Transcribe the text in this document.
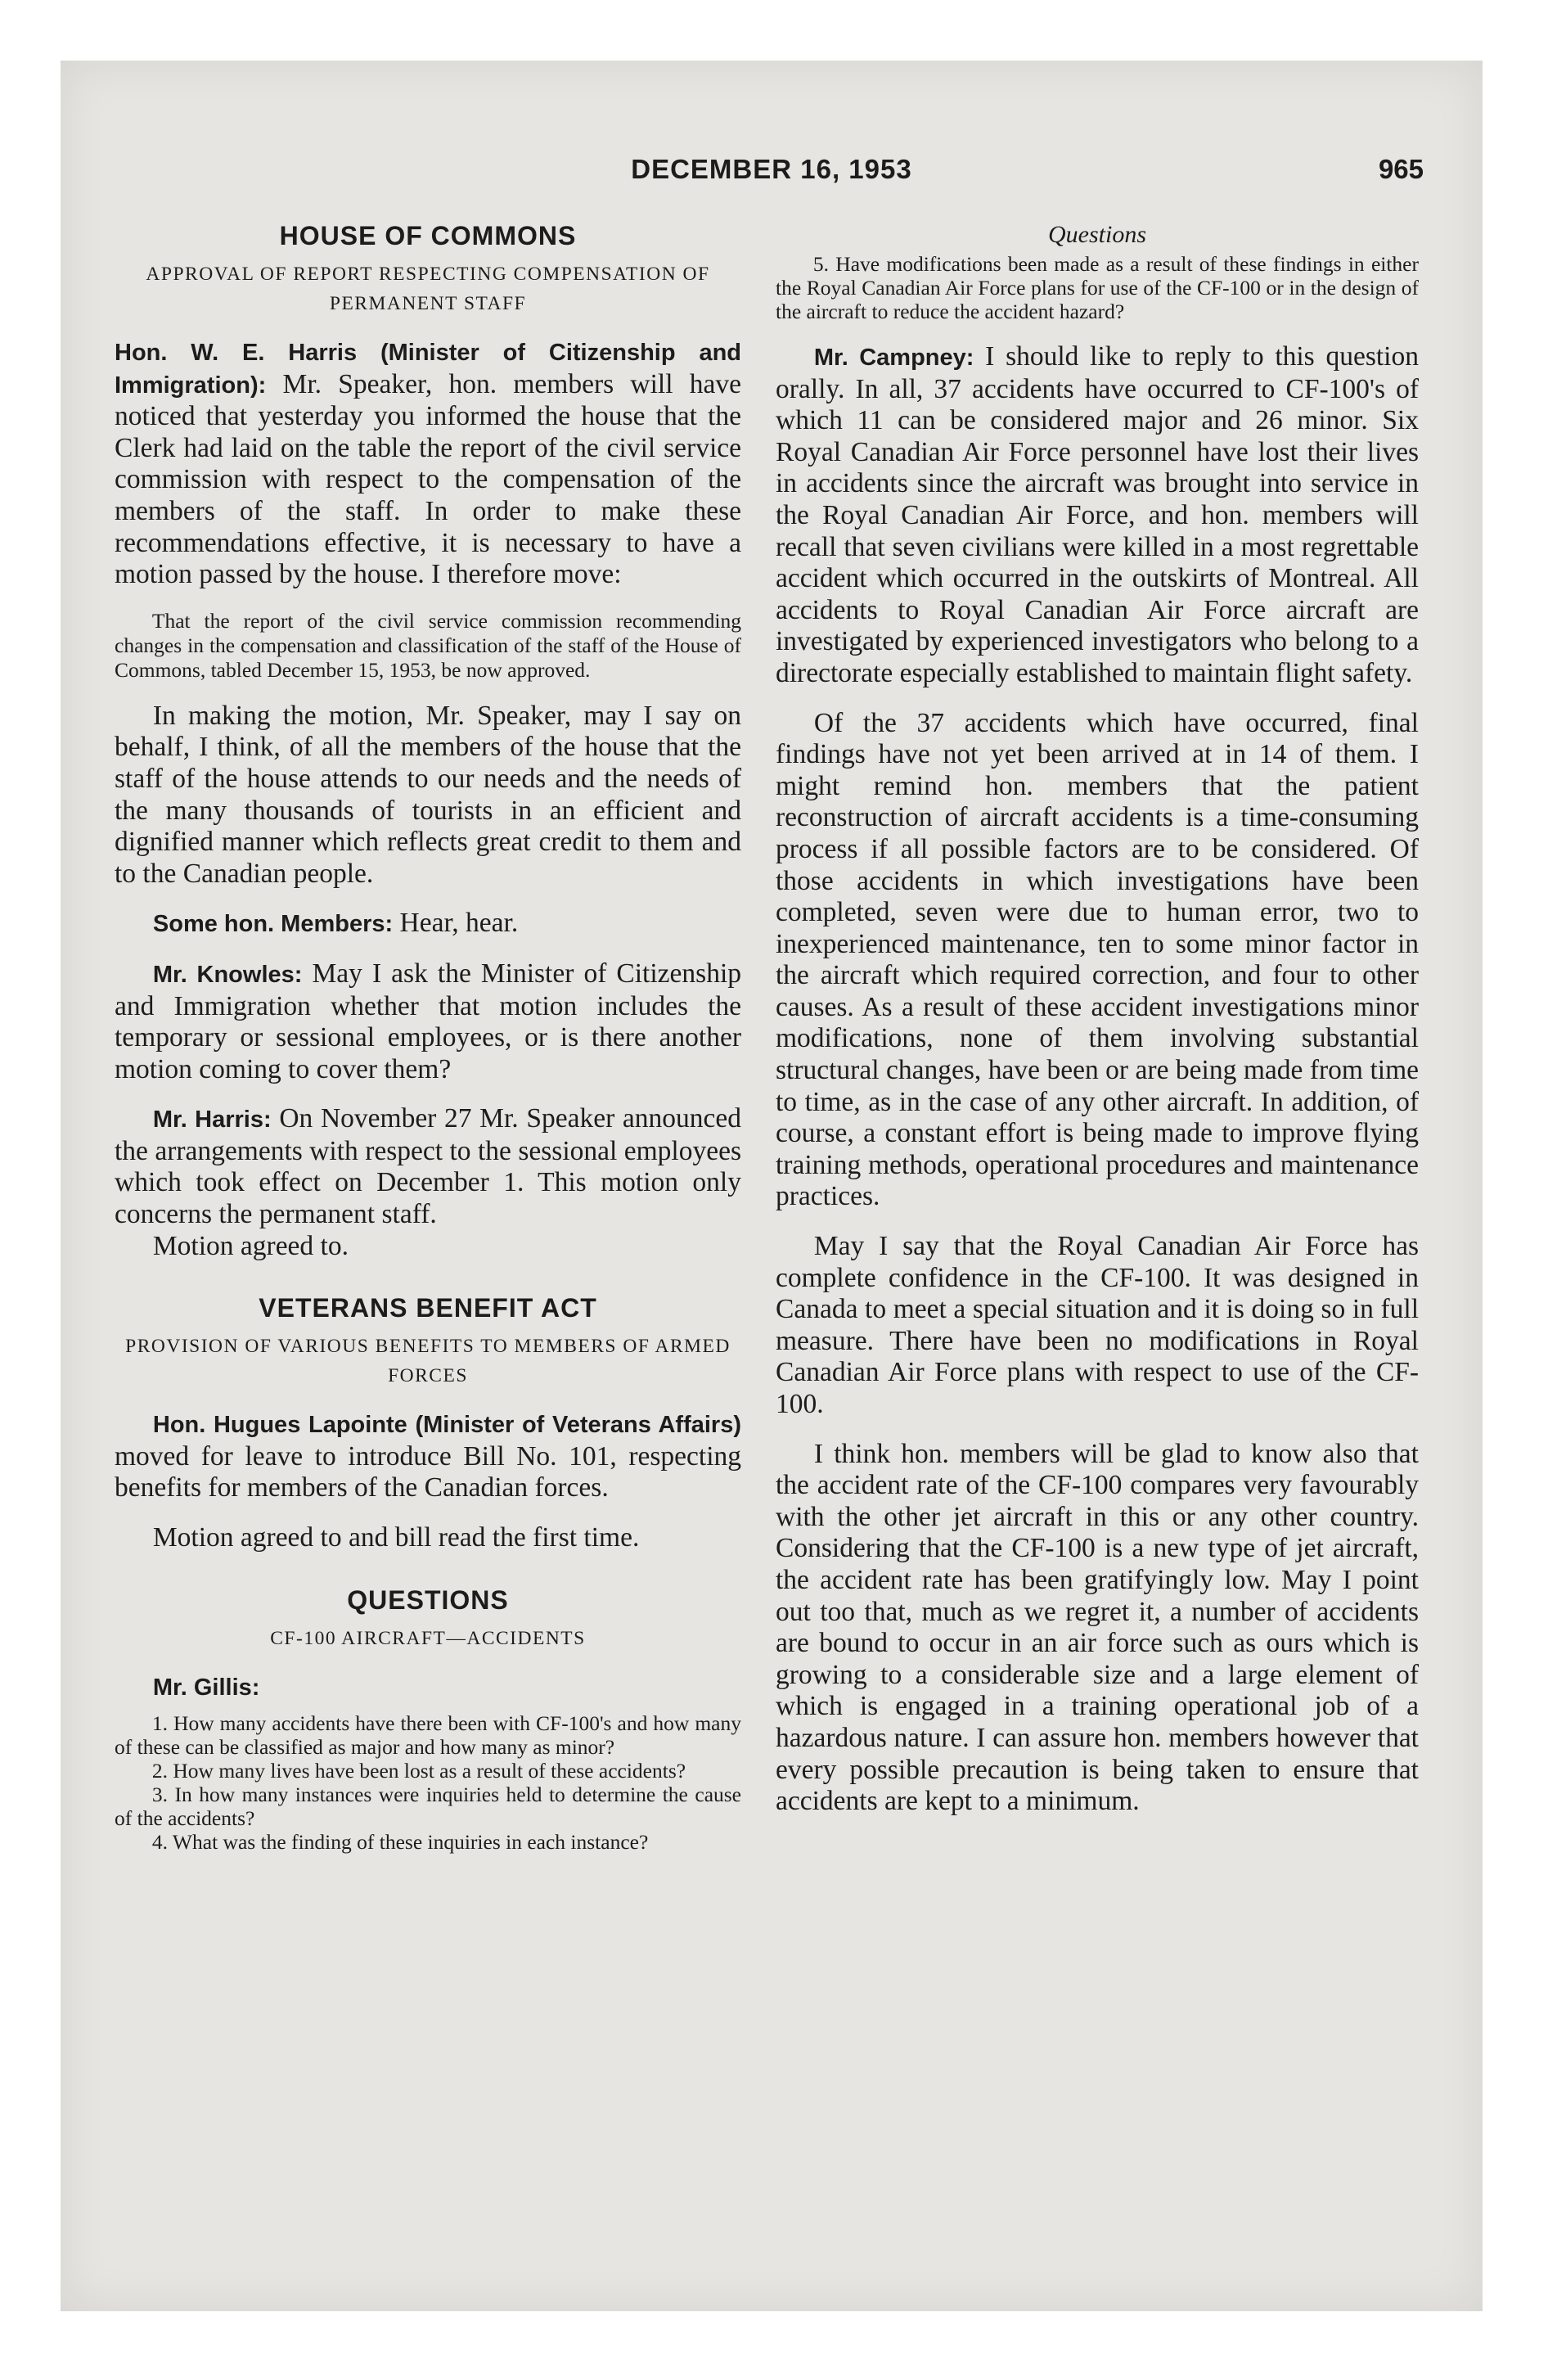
DECEMBER 16, 1953	965
HOUSE OF COMMONS
APPROVAL OF REPORT RESPECTING COMPENSATION OF PERMANENT STAFF

Hon. W. E. Harris (Minister of Citizenship and Immigration): Mr. Speaker, hon. members will have noticed that yesterday you informed the house that the Clerk had laid on the table the report of the civil service commission with respect to the compensation of the members of the staff. In order to make these recommendations effective, it is necessary to have a motion passed by the house. I therefore move:

That the report of the civil service commission recommending changes in the compensation and classification of the staff of the House of Commons, tabled December 15, 1953, be now approved.

In making the motion, Mr. Speaker, may I say on behalf, I think, of all the members of the house that the staff of the house attends to our needs and the needs of the many thousands of tourists in an efficient and dignified manner which reflects great credit to them and to the Canadian people.

Some hon. Members: Hear, hear.

Mr. Knowles: May I ask the Minister of Citizenship and Immigration whether that motion includes the temporary or sessional employees, or is there another motion coming to cover them?

Mr. Harris: On November 27 Mr. Speaker announced the arrangements with respect to the sessional employees which took effect on December 1. This motion only concerns the permanent staff.

Motion agreed to.

VETERANS BENEFIT ACT
PROVISION OF VARIOUS BENEFITS TO MEMBERS OF ARMED FORCES

Hon. Hugues Lapointe (Minister of Veterans Affairs) moved for leave to introduce Bill No. 101, respecting benefits for members of the Canadian forces.

Motion agreed to and bill read the first time.

QUESTIONS
CF-100 AIRCRAFT—ACCIDENTS

Mr. Gillis:

1. How many accidents have there been with CF-100's and how many of these can be classified as major and how many as minor?
2. How many lives have been lost as a result of these accidents?
3. In how many instances were inquiries held to determine the cause of the accidents?
4. What was the finding of these inquiries in each instance?
Questions
5. Have modifications been made as a result of these findings in either the Royal Canadian Air Force plans for use of the CF-100 or in the design of the aircraft to reduce the accident hazard?

Mr. Campney: I should like to reply to this question orally. In all, 37 accidents have occurred to CF-100's of which 11 can be considered major and 26 minor. Six Royal Canadian Air Force personnel have lost their lives in accidents since the aircraft was brought into service in the Royal Canadian Air Force, and hon. members will recall that seven civilians were killed in a most regrettable accident which occurred in the outskirts of Montreal. All accidents to Royal Canadian Air Force aircraft are investigated by experienced investigators who belong to a directorate especially established to maintain flight safety.

Of the 37 accidents which have occurred, final findings have not yet been arrived at in 14 of them. I might remind hon. members that the patient reconstruction of aircraft accidents is a time-consuming process if all possible factors are to be considered. Of those accidents in which investigations have been completed, seven were due to human error, two to inexperienced maintenance, ten to some minor factor in the aircraft which required correction, and four to other causes. As a result of these accident investigations minor modifications, none of them involving substantial structural changes, have been or are being made from time to time, as in the case of any other aircraft. In addition, of course, a constant effort is being made to improve flying training methods, operational procedures and maintenance practices.

May I say that the Royal Canadian Air Force has complete confidence in the CF-100. It was designed in Canada to meet a special situation and it is doing so in full measure. There have been no modifications in Royal Canadian Air Force plans with respect to use of the CF-100.

I think hon. members will be glad to know also that the accident rate of the CF-100 compares very favourably with the other jet aircraft in this or any other country. Considering that the CF-100 is a new type of jet aircraft, the accident rate has been gratifyingly low. May I point out too that, much as we regret it, a number of accidents are bound to occur in an air force such as ours which is growing to a considerable size and a large element of which is engaged in a training operational job of a hazardous nature. I can assure hon. members however that every possible precaution is being taken to ensure that accidents are kept to a minimum.
